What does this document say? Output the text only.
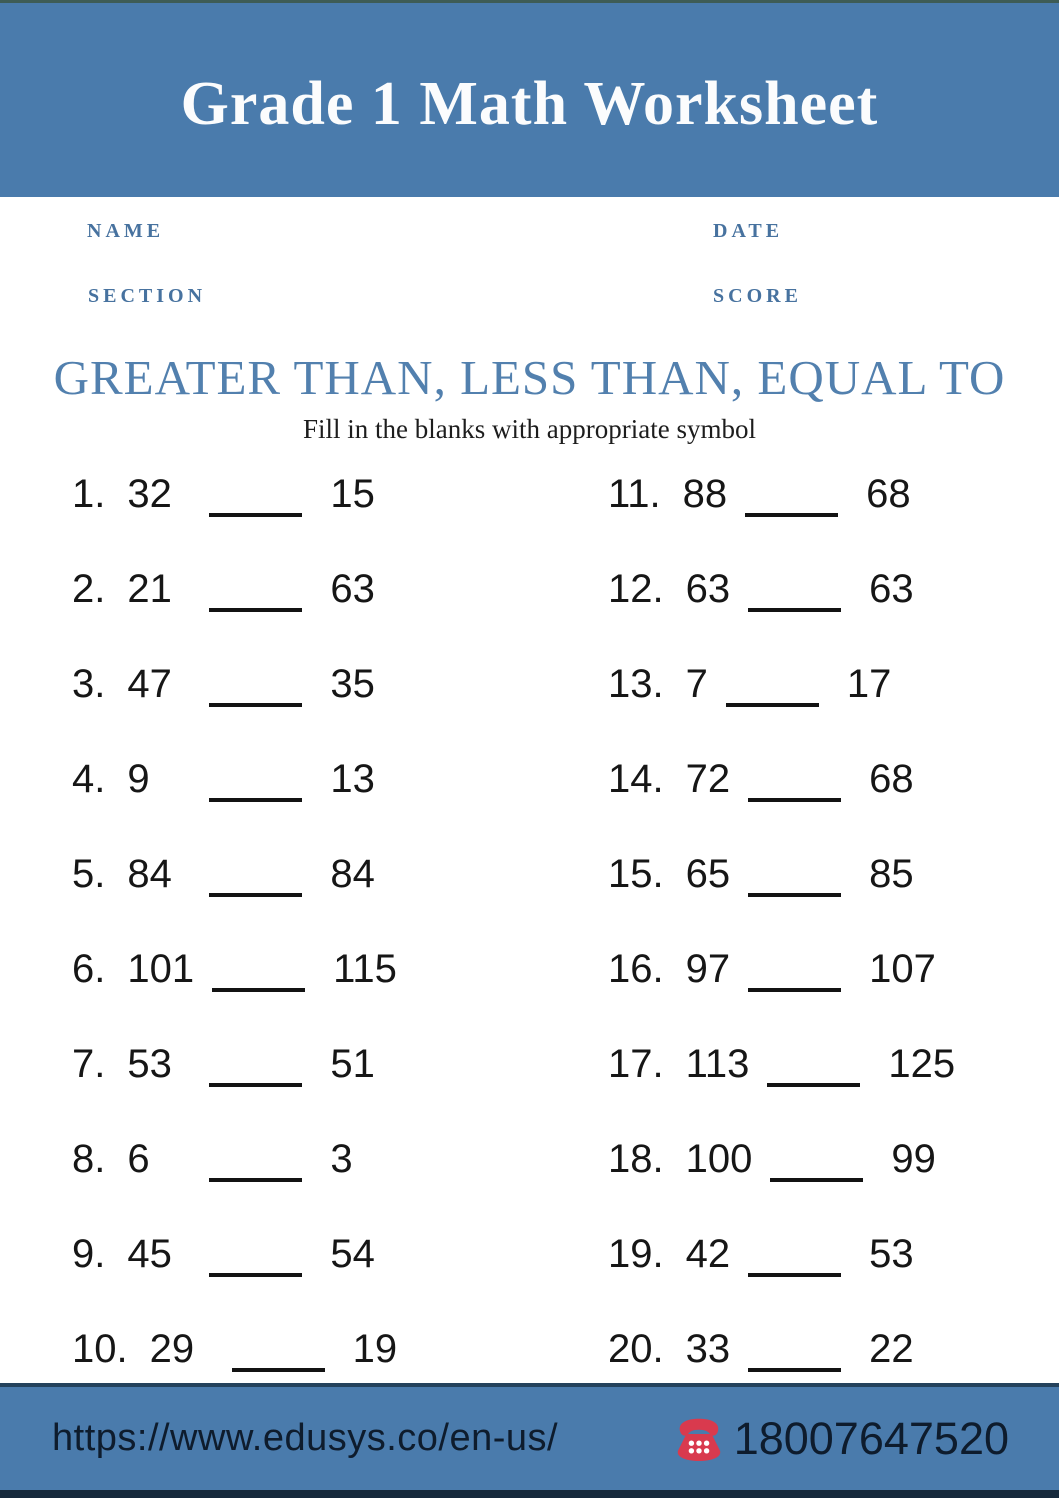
Grade 1 Math Worksheet
NAME	DATE
SECTION	SCORE
GREATER THAN, LESS THAN, EQUAL TO

Fill in the blanks with appropriate symbol

1. 32	15
2. 21	63
3. 47	35
4. 9	13
5. 84	84
6. 101	115
7. 53	51
8. 6	3
9. 45	54
10. 29	19
11. 88	68
12. 63	63
13. 7	17
14. 72	68
15. 65	85
16. 97	107
17. 113	125
18. 100	99
19. 42	53
20. 33	22
https://www.edusys.co/en-us/	18007647520
